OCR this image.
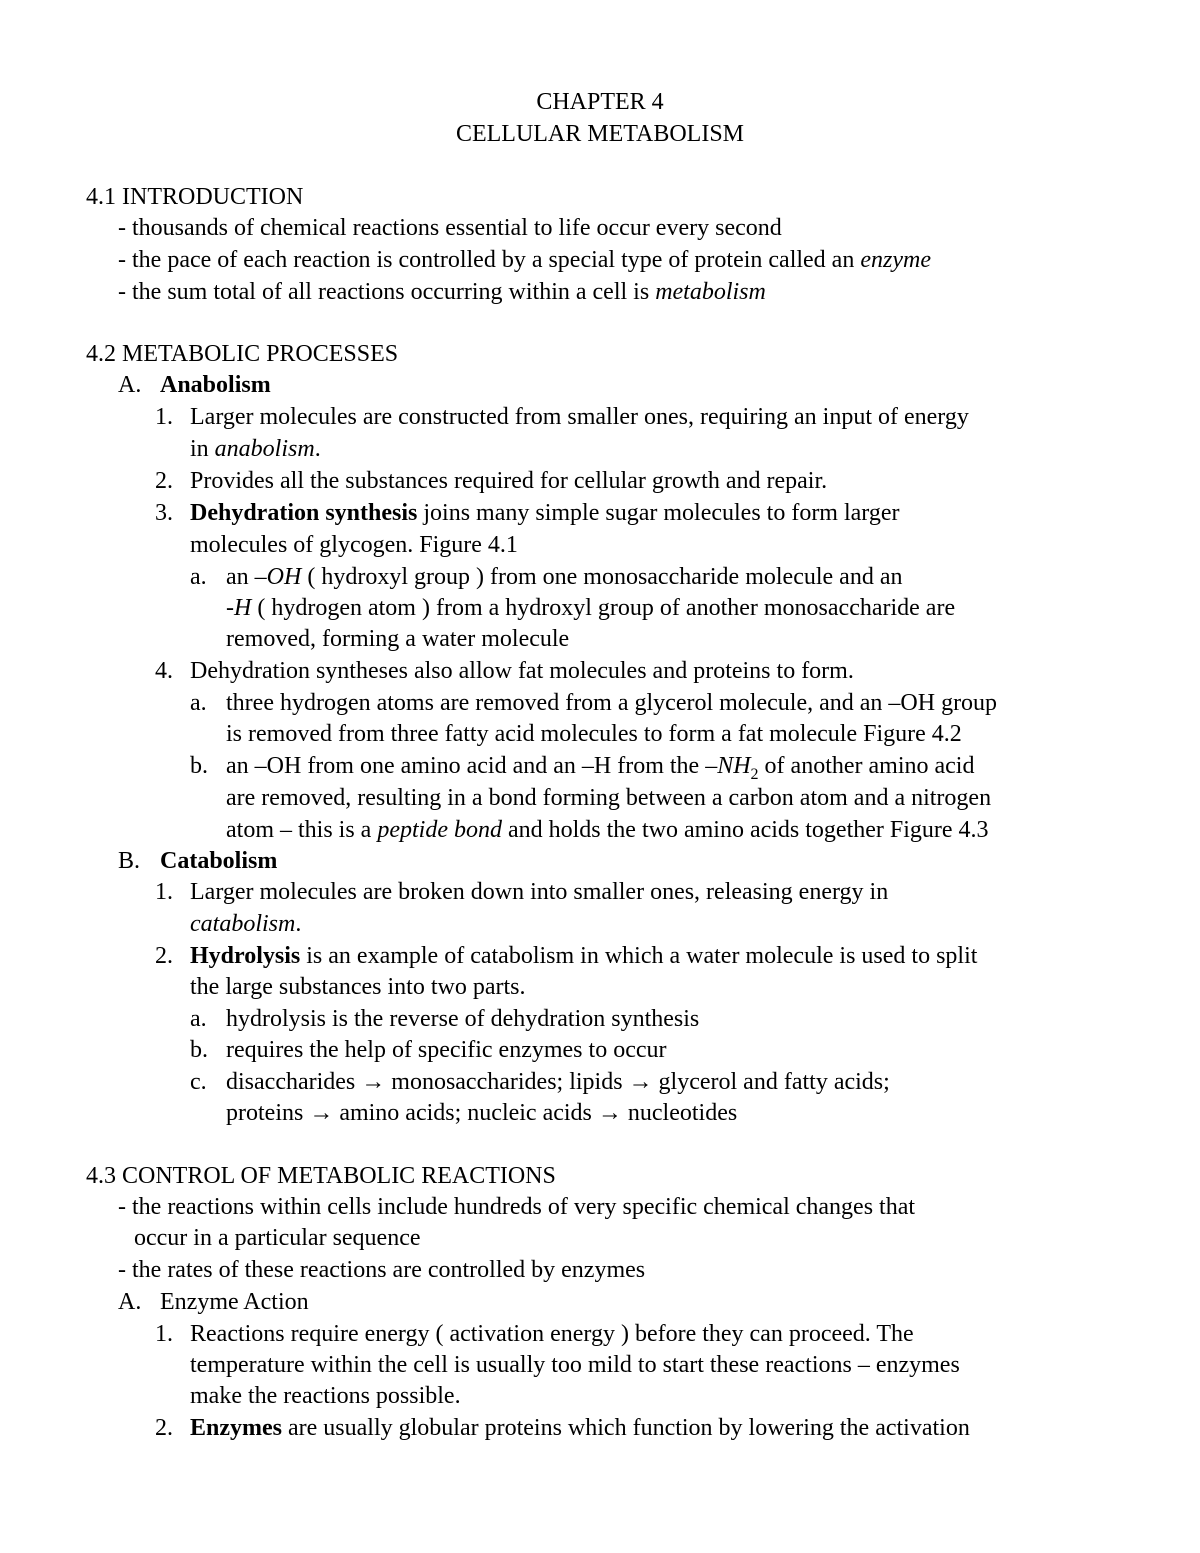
CHAPTER 4
CELLULAR METABOLISM
4.1 INTRODUCTION
- thousands of chemical reactions essential to life occur every second
- the pace of each reaction is controlled by a special type of protein called an enzyme
- the sum total of all reactions occurring within a cell is metabolism
4.2 METABOLIC PROCESSES
A. Anabolism
1. Larger molecules are constructed from smaller ones, requiring an input of energy
in anabolism.
2. Provides all the substances required for cellular growth and repair.
3. Dehydration synthesis joins many simple sugar molecules to form larger
molecules of glycogen. Figure 4.1
a. an –OH ( hydroxyl group ) from one monosaccharide molecule and an
-H ( hydrogen atom ) from a hydroxyl group of another monosaccharide are
removed, forming a water molecule
4. Dehydration syntheses also allow fat molecules and proteins to form.
a. three hydrogen atoms are removed from a glycerol molecule, and an –OH group
is removed from three fatty acid molecules to form a fat molecule Figure 4.2
b. an –OH from one amino acid and an –H from the $-NH_2$ of another amino acid
are removed, resulting in a bond forming between a carbon atom and a nitrogen
atom – this is a peptide bond and holds the two amino acids together Figure 4.3
B. Catabolism
1. Larger molecules are broken down into smaller ones, releasing energy in
catabolism.
2. Hydrolysis is an example of catabolism in which a water molecule is used to split
the large substances into two parts.
a. hydrolysis is the reverse of dehydration synthesis
b. requires the help of specific enzymes to occur
c. disaccharides → monosaccharides; lipids → glycerol and fatty acids;
proteins → amino acids; nucleic acids → nucleotides
4.3 CONTROL OF METABOLIC REACTIONS
- the reactions within cells include hundreds of very specific chemical changes that
occur in a particular sequence
- the rates of these reactions are controlled by enzymes
A. Enzyme Action
1. Reactions require energy ( activation energy ) before they can proceed. The
temperature within the cell is usually too mild to start these reactions – enzymes
make the reactions possible.
2. Enzymes are usually globular proteins which function by lowering the activation
